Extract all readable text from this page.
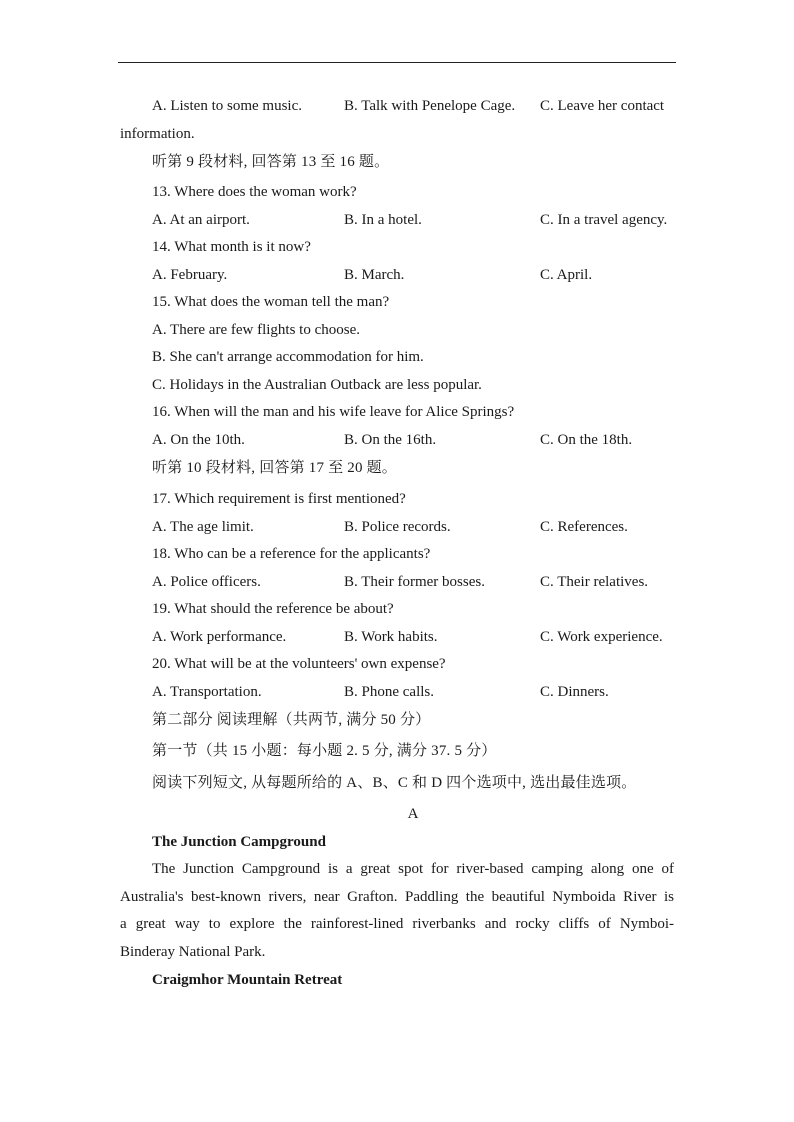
A. Listen to some music.	B. Talk with Penelope Cage. C. Leave her contact
information.
听第 9 段材料, 回答第 13 至 16 题。
13. Where does the woman work?
A. At an airport.	B. In a hotel.	C. In a travel agency.
14. What month is it now?
A. February.	B. March.	C. April.
15. What does the woman tell the man?
A. There are few flights to choose.
B. She can't arrange accommodation for him.
C. Holidays in the Australian Outback are less popular.
16. When will the man and his wife leave for Alice Springs?
A. On the 10th.	B. On the 16th.	C. On the 18th.
听第 10 段材料, 回答第 17 至 20 题。
17. Which requirement is first mentioned?
A. The age limit.	B. Police records.	C. References.
18. Who can be a reference for the applicants?
A. Police officers.	B. Their former bosses.	C. Their relatives.
19. What should the reference be about?
A. Work performance.	B. Work habits.	C. Work experience.
20. What will be at the volunteers' own expense?
A. Transportation.	B. Phone calls.	C. Dinners.
第二部分 阅读理解（共两节, 满分 50 分）
第一节（共 15 小题：每小题 2. 5 分, 满分 37. 5 分）
阅读下列短文, 从每题所给的 A、B、C 和 D 四个选项中, 选出最佳选项。
A
The Junction Campground
The Junction Campground is a great spot for river-based camping along one of
Australia's best-known rivers, near Grafton. Paddling the beautiful Nymboida River is
a great way to explore the rainforest-lined riverbanks and rocky cliffs of Nymboi-
Binderay National Park.
Craigmhor Mountain Retreat
